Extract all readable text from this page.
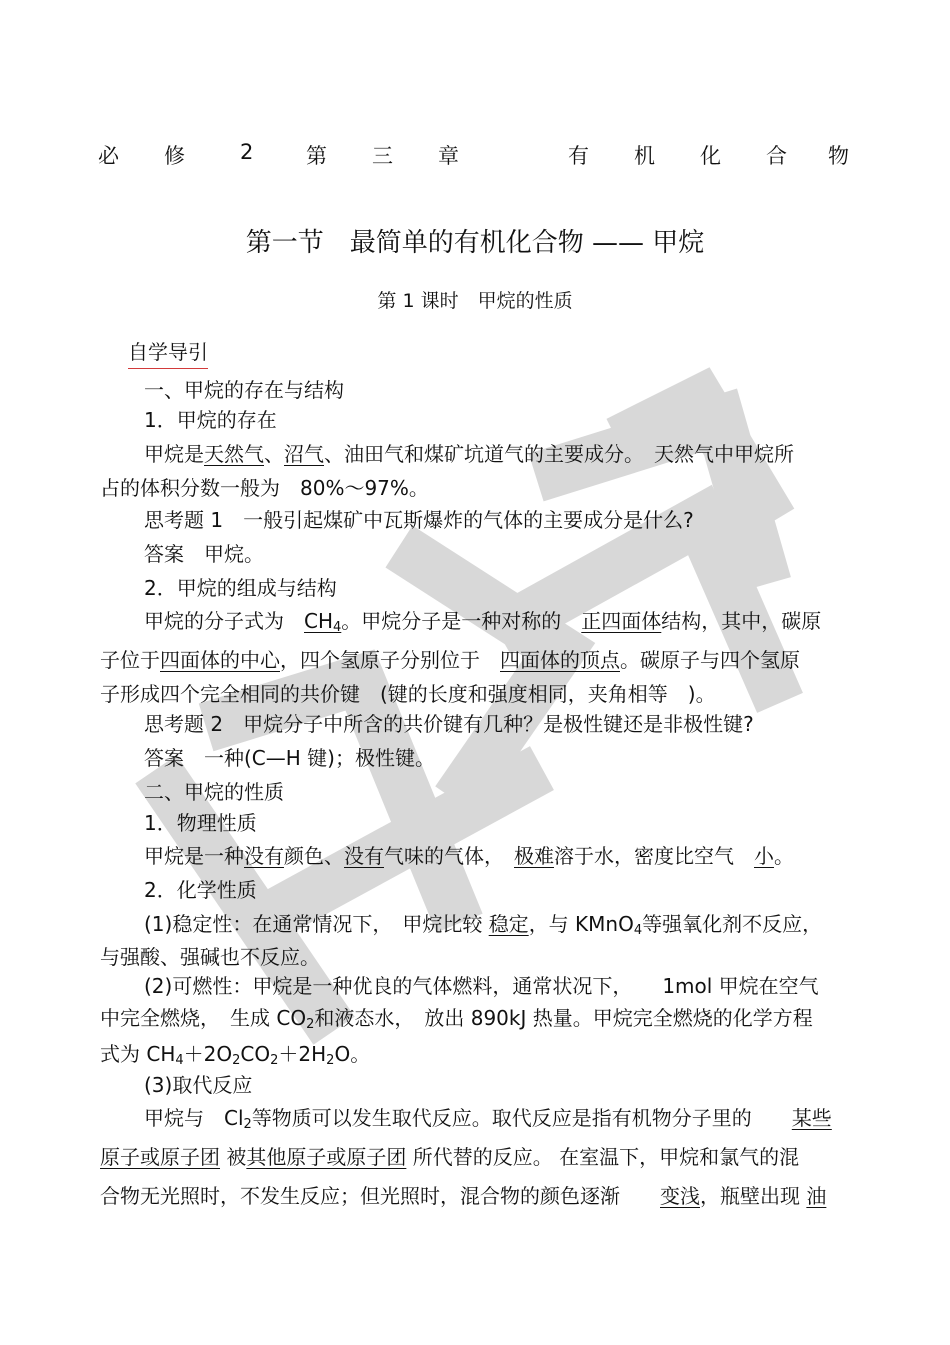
必 修	2	第 三 章	有 机 化 合 物
第一节　最简单的有机化合物 —— 甲烷
第 1 课时　甲烷的性质
自学导引
一、甲烷的存在与结构
1．甲烷的存在
甲烷是天然气、沼气、油田气和煤矿坑道气的主要成分。　天然气中甲烷所
占的体积分数一般为　80%～97%。
思考题 1　一般引起煤矿中瓦斯爆炸的气体的主要成分是什么?
答案　甲烷。
2．甲烷的组成与结构
甲烷的分子式为　$CH_4$。甲烷分子是一种对称的　正四面体结构，其中，碳原
子位于四面体的中心，四个氢原子分别位于　四面体的顶点。碳原子与四个氢原
子形成四个完全相同的共价键　(键的长度和强度相同，夹角相等　)。
思考题 2　甲烷分子中所含的共价键有几种？是极性键还是非极性键?
答案　一种(C—H 键)；极性键。
二、甲烷的性质
1．物理性质
甲烷是一种没有颜色、没有气味的气体，　极难溶于水，密度比空气　小。
2．化学性质
(1)稳定性：在通常情况下，　甲烷比较 稳定，与 KMnO$_4$等强氧化剂不反应，
与强酸、强碱也不反应。
(2)可燃性：甲烷是一种优良的气体燃料，通常状况下，　　1mol 甲烷在空气
中完全燃烧，　生成 $CO_2$和液态水，　放出 890kJ 热量。甲烷完全燃烧的化学方程
式为 $CH_4+2O_2CO_2+2H_2O$。
(3)取代反应
甲烷与　$Cl_2$等物质可以发生取代反应。取代反应是指有机物分子里的　　某些
原子或原子团 被其他原子或原子团 所代替的反应。 在室温下，甲烷和氯气的混
合物无光照时，不发生反应；但光照时，混合物的颜色逐渐　　变浅，瓶壁出现 油
